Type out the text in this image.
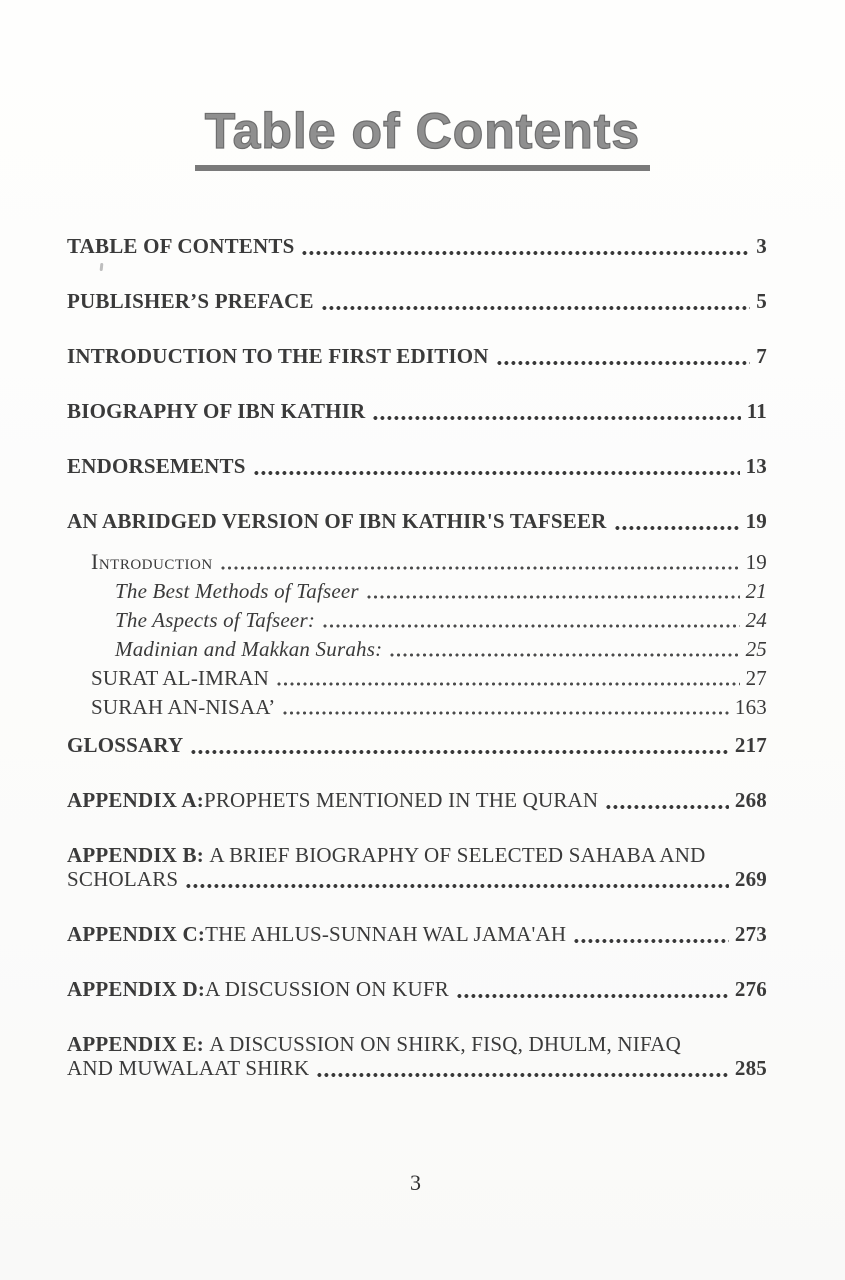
Table of Contents
TABLE OF CONTENTS	3
PUBLISHER’S PREFACE	5
INTRODUCTION TO THE FIRST EDITION	7
BIOGRAPHY OF IBN KATHIR	11
ENDORSEMENTS	13
AN ABRIDGED VERSION OF IBN KATHIR'S TAFSEER	19
Introduction	19
The Best Methods of Tafseer	21
The Aspects of Tafseer:	24
Madinian and Makkan Surahs:	25
SURAT AL-IMRAN	27
SURAH AN-NISAA’	163
GLOSSARY	217
APPENDIX A: PROPHETS MENTIONED IN THE QURAN	268
APPENDIX B: A BRIEF BIOGRAPHY OF SELECTED SAHABA AND
SCHOLARS	269
APPENDIX C: THE AHLUS-SUNNAH WAL JAMA'AH	273
APPENDIX D: A DISCUSSION ON KUFR	276
APPENDIX E: A DISCUSSION ON SHIRK, FISQ, DHULM, NIFAQ
AND MUWALAAT SHIRK	285
3
